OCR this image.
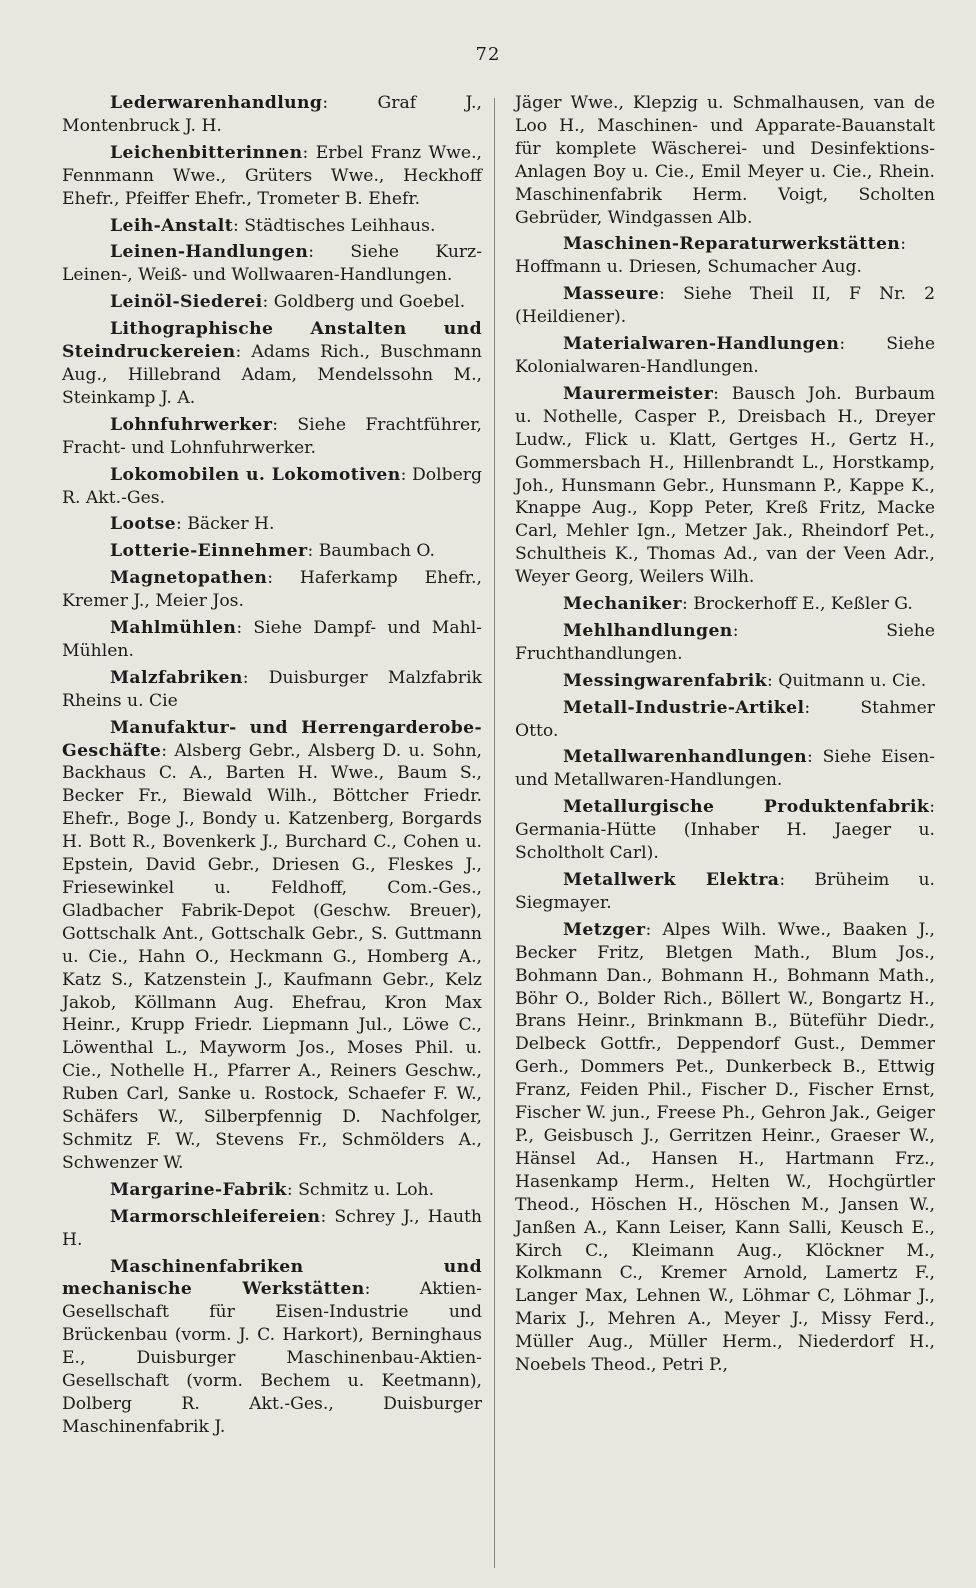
72

Lederwarenhandlung: Graf J., Montenbruck J. H.

Leichenbitterinnen: Erbel Franz Wwe., Fennmann Wwe., Grüters Wwe., Heckhoff Ehefr., Pfeiffer Ehefr., Trometer B. Ehefr.

Leih-Anstalt: Städtisches Leihhaus.

Leinen-Handlungen: Siehe Kurz-Leinen-, Weiß- und Wollwaaren-Handlungen.

Leinöl-Siederei: Goldberg und Goebel.

Lithographische Anstalten und Steindruckereien: Adams Rich., Buschmann Aug., Hillebrand Adam, Mendelssohn M., Steinkamp J. A.

Lohnfuhrwerker: Siehe Frachtführer, Fracht- und Lohnfuhrwerker.

Lokomobilen u. Lokomotiven: Dolberg R. Akt.-Ges.

Lootse: Bäcker H.

Lotterie-Einnehmer: Baumbach O.

Magnetopathen: Haferkamp Ehefr., Kremer J., Meier Jos.

Mahlmühlen: Siehe Dampf- und Mahl-Mühlen.

Malzfabriken: Duisburger Malzfabrik Rheins u. Cie

Manufaktur- und Herrengarderobe-Geschäfte: Alsberg Gebr., Alsberg D. u. Sohn, Backhaus C. A., Barten H. Wwe., Baum S., Becker Fr., Biewald Wilh., Böttcher Friedr. Ehefr., Boge J., Bondy u. Katzenberg, Borgards H. Bott R., Bovenkerk J., Burchard C., Cohen u. Epstein, David Gebr., Driesen G., Fleskes J., Friesewinkel u. Feldhoff, Com.-Ges., Gladbacher Fabrik-Depot (Geschw. Breuer), Gottschalk Ant., Gottschalk Gebr., S. Guttmann u. Cie., Hahn O., Heckmann G., Homberg A., Katz S., Katzenstein J., Kaufmann Gebr., Kelz Jakob, Köllmann Aug. Ehefrau, Kron Max Heinr., Krupp Friedr. Liepmann Jul., Löwe C., Löwenthal L., Mayworm Jos., Moses Phil. u. Cie., Nothelle H., Pfarrer A., Reiners Geschw., Ruben Carl, Sanke u. Rostock, Schaefer F. W., Schäfers W., Silberpfennig D. Nachfolger, Schmitz F. W., Stevens Fr., Schmölders A., Schwenzer W.

Margarine-Fabrik: Schmitz u. Loh.

Marmorschleifereien: Schrey J., Hauth H.

Maschinenfabriken und mechanische Werkstätten: Aktien-Gesellschaft für Eisen-Industrie und Brückenbau (vorm. J. C. Harkort), Berninghaus E., Duisburger Maschinenbau-Aktien-Gesellschaft (vorm. Bechem u. Keetmann), Dolberg R. Akt.-Ges., Duisburger Maschinenfabrik J.

Jäger Wwe., Klepzig u. Schmalhausen, van de Loo H., Maschinen- und Apparate-Bauanstalt für komplete Wäscherei- und Desinfektions-Anlagen Boy u. Cie., Emil Meyer u. Cie., Rhein. Maschinenfabrik Herm. Voigt, Scholten Gebrüder, Windgassen Alb.

Maschinen-Reparaturwerkstätten: Hoffmann u. Driesen, Schumacher Aug.

Masseure: Siehe Theil II, F Nr. 2 (Heildiener).

Materialwaren-Handlungen: Siehe Kolonialwaren-Handlungen.

Maurermeister: Bausch Joh. Burbaum u. Nothelle, Casper P., Dreisbach H., Dreyer Ludw., Flick u. Klatt, Gertges H., Gertz H., Gommersbach H., Hillenbrandt L., Horstkamp, Joh., Hunsmann Gebr., Hunsmann P., Kappe K., Knappe Aug., Kopp Peter, Kreß Fritz, Macke Carl, Mehler Ign., Metzer Jak., Rheindorf Pet., Schultheis K., Thomas Ad., van der Veen Adr., Weyer Georg, Weilers Wilh.

Mechaniker: Brockerhoff E., Keßler G.

Mehlhandlungen: Siehe Fruchthandlungen.

Messingwarenfabrik: Quitmann u. Cie.

Metall-Industrie-Artikel: Stahmer Otto.

Metallwarenhandlungen: Siehe Eisen- und Metallwaren-Handlungen.

Metallurgische Produktenfabrik: Germania-Hütte (Inhaber H. Jaeger u. Scholtholt Carl).

Metallwerk Elektra: Brüheim u. Siegmayer.

Metzger: Alpes Wilh. Wwe., Baaken J., Becker Fritz, Bletgen Math., Blum Jos., Bohmann Dan., Bohmann H., Bohmann Math., Böhr O., Bolder Rich., Böllert W., Bongartz H., Brans Heinr., Brinkmann B., Büteführ Diedr., Delbeck Gottfr., Deppendorf Gust., Demmer Gerh., Dommers Pet., Dunkerbeck B., Ettwig Franz, Feiden Phil., Fischer D., Fischer Ernst, Fischer W. jun., Freese Ph., Gehron Jak., Geiger P., Geisbusch J., Gerritzen Heinr., Graeser W., Hänsel Ad., Hansen H., Hartmann Frz., Hasenkamp Herm., Helten W., Hochgürtler Theod., Höschen H., Höschen M., Jansen W., Janßen A., Kann Leiser, Kann Salli, Keusch E., Kirch C., Kleimann Aug., Klöckner M., Kolkmann C., Kremer Arnold, Lamertz F., Langer Max, Lehnen W., Löhmar C, Löhmar J., Marix J., Mehren A., Meyer J., Missy Ferd., Müller Aug., Müller Herm., Niederdorf H., Noebels Theod., Petri P.,
